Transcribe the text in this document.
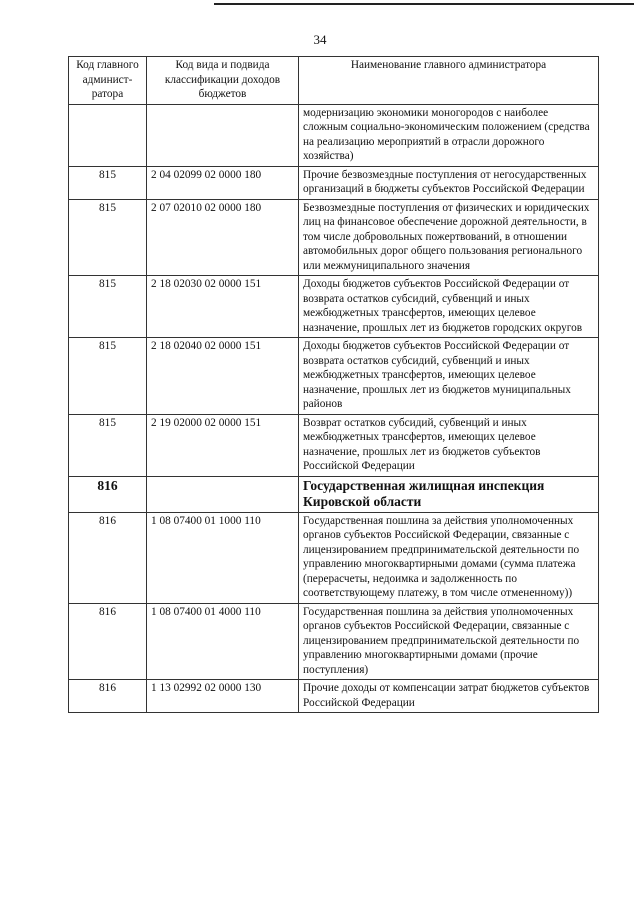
34
Код главного админист-ратора	Код вида и подвида классификации доходов бюджетов	Наименование главного администратора
		модернизацию экономики моногородов с наиболее сложным социально-экономическим положением (средства на реализацию мероприятий в отрасли дорожного хозяйства)
815	2 04 02099 02 0000 180	Прочие безвозмездные поступления от негосударственных организаций в бюджеты субъектов Российской Федерации
815	2 07 02010 02 0000 180	Безвозмездные поступления от физических и юридических лиц на финансовое обеспечение дорожной деятельности, в том числе добровольных пожертвований, в отношении автомобильных дорог общего пользования регионального или межмуниципального значения
815	2 18 02030 02 0000 151	Доходы бюджетов субъектов Российской Федерации от возврата остатков субсидий, субвенций и иных межбюджетных трансфертов, имеющих целевое назначение, прошлых лет из бюджетов городских округов
815	2 18 02040 02 0000 151	Доходы бюджетов субъектов Российской Федерации от возврата остатков субсидий, субвенций и иных межбюджетных трансфертов, имеющих целевое назначение, прошлых лет из бюджетов муниципальных районов
815	2 19 02000 02 0000 151	Возврат остатков субсидий, субвенций и иных межбюджетных трансфертов, имеющих целевое назначение, прошлых лет из бюджетов субъектов Российской Федерации
816		Государственная жилищная инспекция Кировской области
816	1 08 07400 01 1000 110	Государственная пошлина за действия уполномоченных органов субъектов Российской Федерации, связанные с лицензированием предпринимательской деятельности по управлению многоквартирными домами (сумма платежа (перерасчеты, недоимка и задолженность по соответствующему платежу, в том числе отмененному))
816	1 08 07400 01 4000 110	Государственная пошлина за действия уполномоченных органов субъектов Российской Федерации, связанные с лицензированием предпринимательской деятельности по управлению многоквартирными домами (прочие поступления)
816	1 13 02992 02 0000 130	Прочие доходы от компенсации затрат бюджетов субъектов Российской Федерации
